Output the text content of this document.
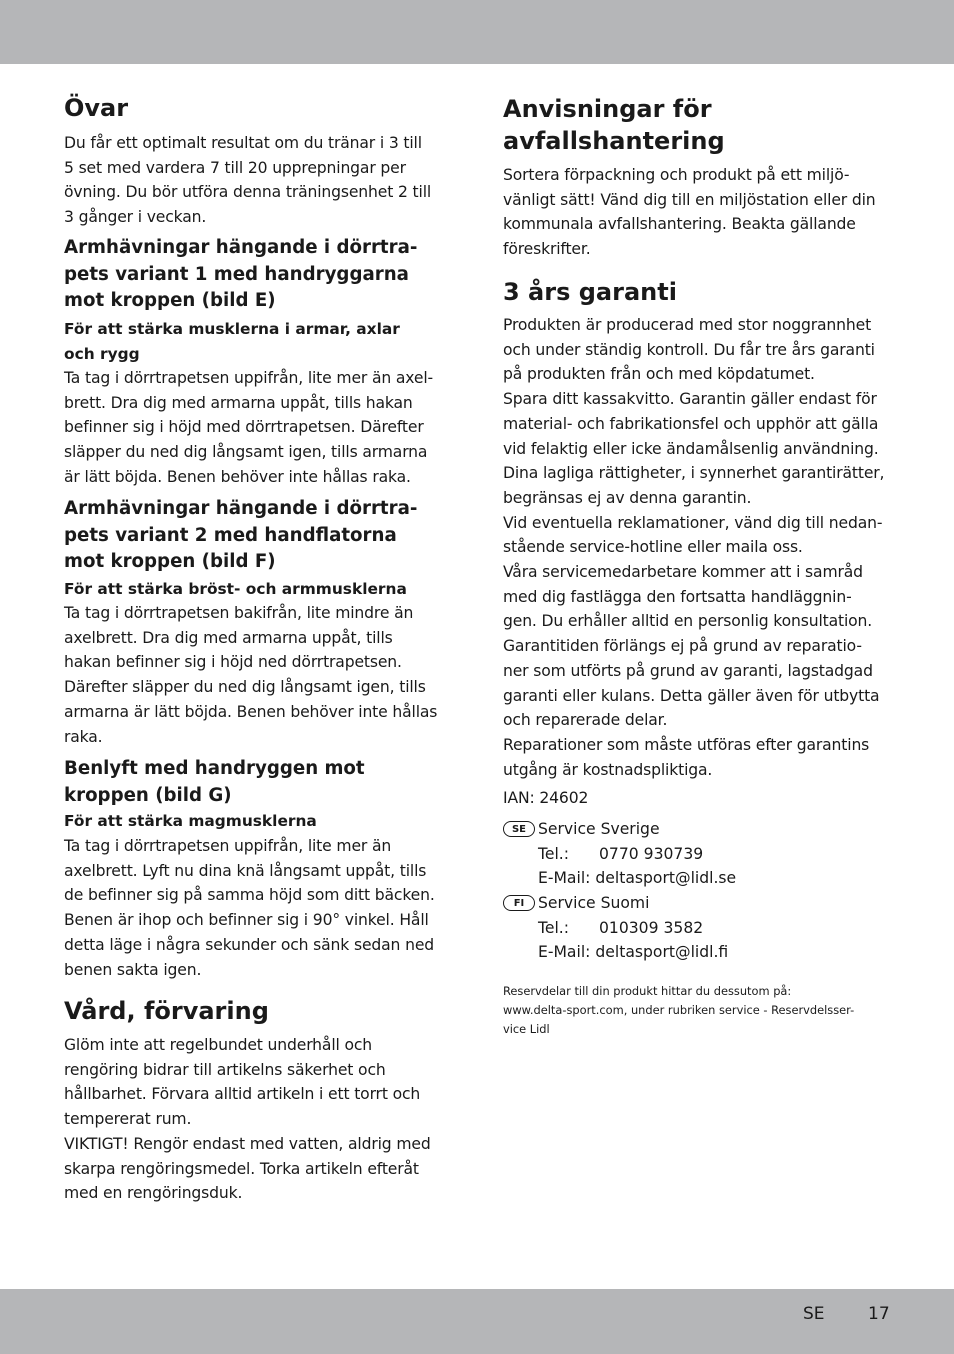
Övar
Du får ett optimalt resultat om du tränar i 3 till
5 set med vardera 7 till 20 upprepningar per
övning. Du bör utföra denna träningsenhet 2 till
3 gånger i veckan.
Armhävningar hängande i dörrtra-
pets variant 1 med handryggarna
mot kroppen (bild E)
För att stärka musklerna i armar, axlar
och rygg
Ta tag i dörrtrapetsen uppifrån, lite mer än axel-
brett. Dra dig med armarna uppåt, tills hakan
befinner sig i höjd med dörrtrapetsen. Därefter
släpper du ned dig långsamt igen, tills armarna
är lätt böjda. Benen behöver inte hållas raka.
Armhävningar hängande i dörrtra-
pets variant 2 med handflatorna
mot kroppen (bild F)
För att stärka bröst- och armmusklerna
Ta tag i dörrtrapetsen bakifrån, lite mindre än
axelbrett. Dra dig med armarna uppåt, tills
hakan befinner sig i höjd ned dörrtrapetsen.
Därefter släpper du ned dig långsamt igen, tills
armarna är lätt böjda. Benen behöver inte hållas
raka.
Benlyft med handryggen mot
kroppen (bild G)
För att stärka magmusklerna
Ta tag i dörrtrapetsen uppifrån, lite mer än
axelbrett. Lyft nu dina knä långsamt uppåt, tills
de befinner sig på samma höjd som ditt bäcken.
Benen är ihop och befinner sig i 90° vinkel. Håll
detta läge i några sekunder och sänk sedan ned
benen sakta igen.
Vård, förvaring
Glöm inte att regelbundet underhåll och
rengöring bidrar till artikelns säkerhet och
hållbarhet. Förvara alltid artikeln i ett torrt och
tempererat rum.
VIKTIGT! Rengör endast med vatten, aldrig med
skarpa rengöringsmedel. Torka artikeln efteråt
med en rengöringsduk.
Anvisningar för
avfallshantering
Sortera förpackning och produkt på ett miljö-
vänligt sätt! Vänd dig till en miljöstation eller din
kommunala avfallshantering. Beakta gällande
föreskrifter.
3 års garanti
Produkten är producerad med stor noggrannhet
och under ständig kontroll. Du får tre års garanti
på produkten från och med köpdatumet.
Spara ditt kassakvitto. Garantin gäller endast för
material- och fabrikationsfel och upphör att gälla
vid felaktig eller icke ändamålsenlig användning.
Dina lagliga rättigheter, i synnerhet garantirätter,
begränsas ej av denna garantin.
Vid eventuella reklamationer, vänd dig till nedan-
stående service-hotline eller maila oss.
Våra servicemedarbetare kommer att i samråd
med dig fastlägga den fortsatta handläggnin-
gen. Du erhåller alltid en personlig konsultation.
Garantitiden förlängs ej på grund av reparatio-
ner som utförts på grund av garanti, lagstadgad
garanti eller kulans. Detta gäller även för utbytta
och reparerade delar.
Reparationer som måste utföras efter garantins
utgång är kostnadspliktiga.
IAN: 24602
SE Service Sverige
Tel.: 0770 930739
E-Mail: deltasport@lidl.se
FI Service Suomi
Tel.: 010309 3582
E-Mail: deltasport@lidl.fi
Reservdelar till din produkt hittar du dessutom på:
www.delta-sport.com, under rubriken service - Reservdelsser-
vice Lidl
SE	17
